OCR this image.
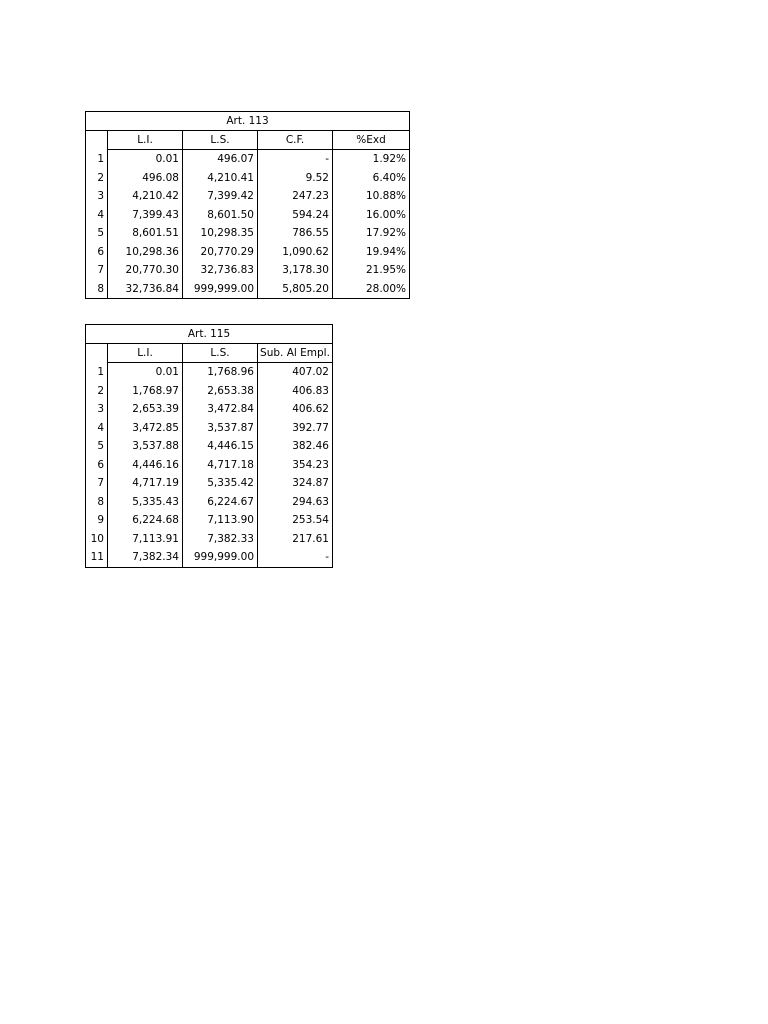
Art. 113				
	L.I.	L.S.	C.F.	%Exd
1	0.01	496.07	-	1.92%
2	496.08	4,210.41	9.52	6.40%
3	4,210.42	7,399.42	247.23	10.88%
4	7,399.43	8,601.50	594.24	16.00%
5	8,601.51	10,298.35	786.55	17.92%
6	10,298.36	20,770.29	1,090.62	19.94%
7	20,770.30	32,736.83	3,178.30	21.95%
8	32,736.84	999,999.00	5,805.20	28.00%
Art. 115			
	L.I.	L.S.	Sub. Al Empl.
1	0.01	1,768.96	407.02
2	1,768.97	2,653.38	406.83
3	2,653.39	3,472.84	406.62
4	3,472.85	3,537.87	392.77
5	3,537.88	4,446.15	382.46
6	4,446.16	4,717.18	354.23
7	4,717.19	5,335.42	324.87
8	5,335.43	6,224.67	294.63
9	6,224.68	7,113.90	253.54
10	7,113.91	7,382.33	217.61
11	7,382.34	999,999.00	-
